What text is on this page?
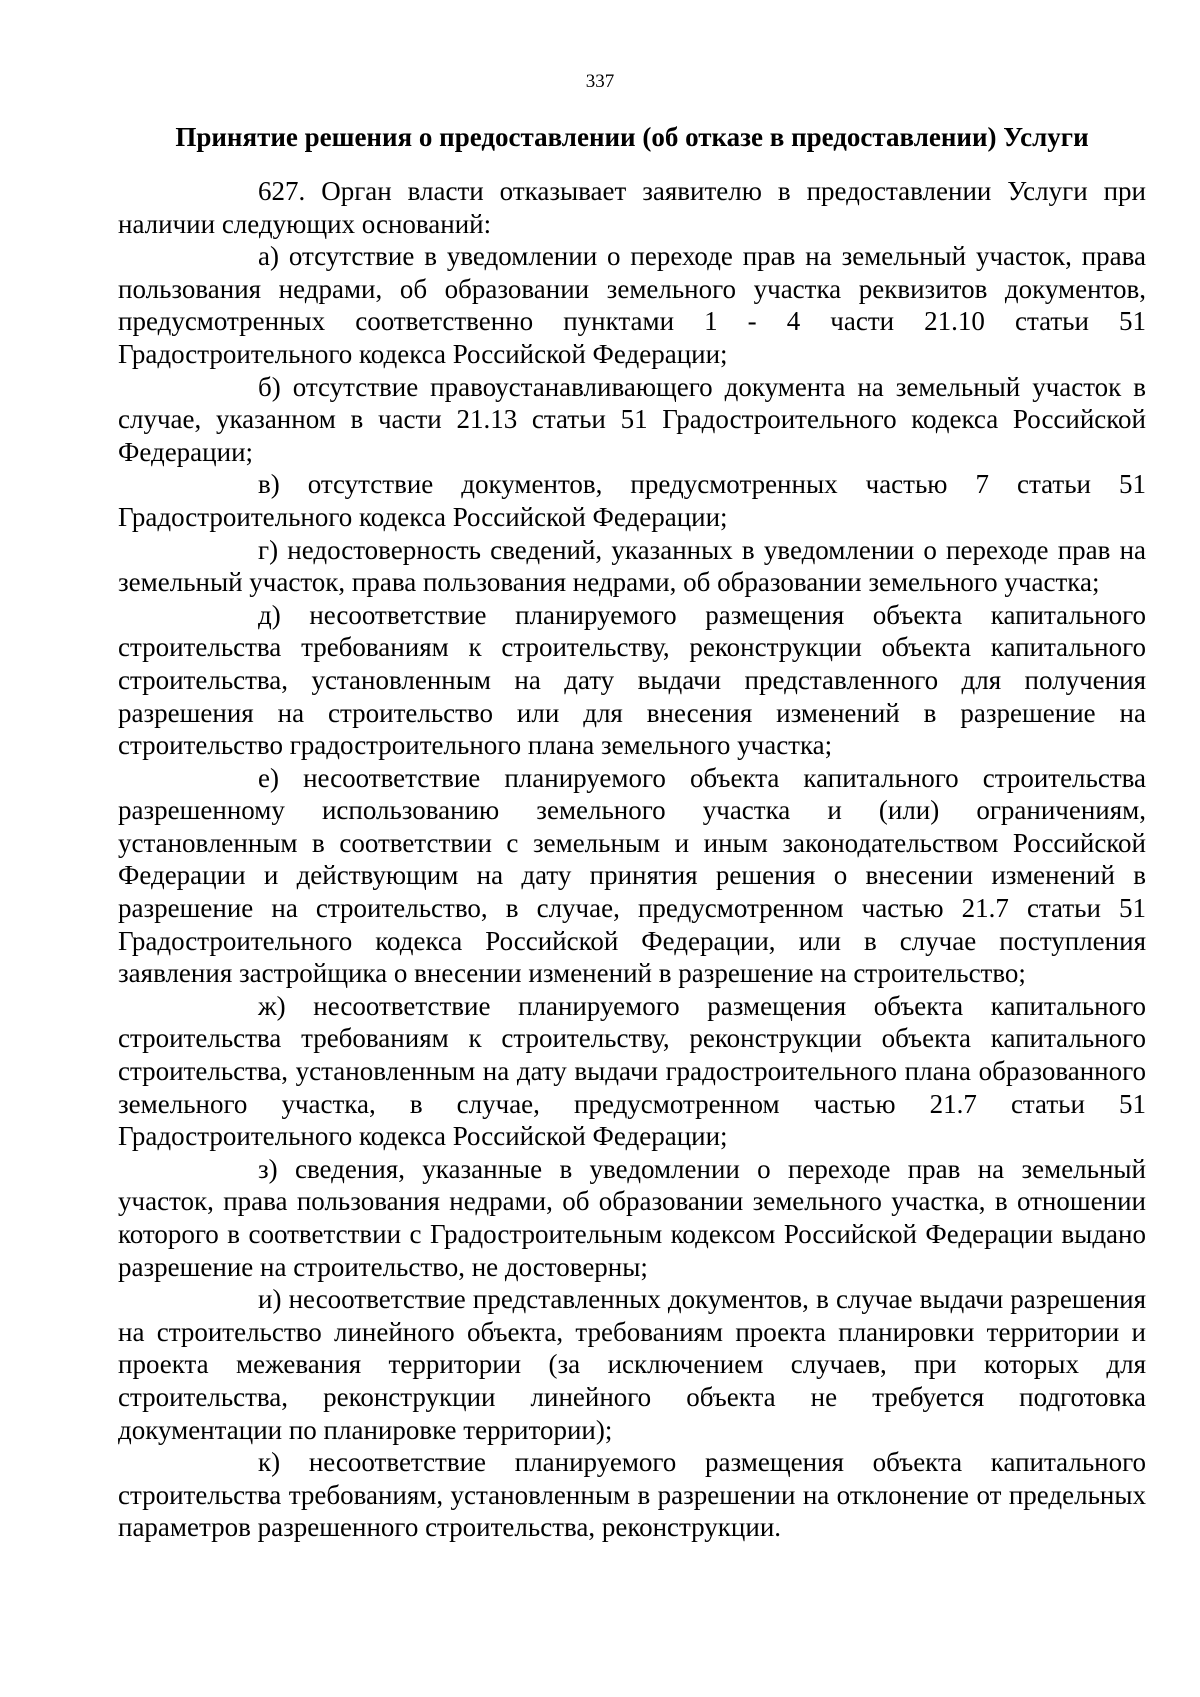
337
Принятие решения о предоставлении (об отказе в предоставлении) Услуги

627. Орган власти отказывает заявителю в предоставлении Услуги при наличии следующих оснований:

а) отсутствие в уведомлении о переходе прав на земельный участок, права пользования недрами, об образовании земельного участка реквизитов документов, предусмотренных соответственно пунктами 1 - 4 части 21.10 статьи 51 Градостроительного кодекса Российской Федерации;

б) отсутствие правоустанавливающего документа на земельный участок в случае, указанном в части 21.13 статьи 51 Градостроительного кодекса Российской Федерации;

в) отсутствие документов, предусмотренных частью 7 статьи 51 Градостроительного кодекса Российской Федерации;

г) недостоверность сведений, указанных в уведомлении о переходе прав на земельный участок, права пользования недрами, об образовании земельного участка;

д) несоответствие планируемого размещения объекта капитального строительства требованиям к строительству, реконструкции объекта капитального строительства, установленным на дату выдачи представленного для получения разрешения на строительство или для внесения изменений в разрешение на строительство градостроительного плана земельного участка;

е) несоответствие планируемого объекта капитального строительства разрешенному использованию земельного участка и (или) ограничениям, установленным в соответствии с земельным и иным законодательством Российской Федерации и действующим на дату принятия решения о внесении изменений в разрешение на строительство, в случае, предусмотренном частью 21.7 статьи 51 Градостроительного кодекса Российской Федерации, или в случае поступления заявления застройщика о внесении изменений в разрешение на строительство;

ж) несоответствие планируемого размещения объекта капитального строительства требованиям к строительству, реконструкции объекта капитального строительства, установленным на дату выдачи градостроительного плана образованного земельного участка, в случае, предусмотренном частью 21.7 статьи 51 Градостроительного кодекса Российской Федерации;

з) сведения, указанные в уведомлении о переходе прав на земельный участок, права пользования недрами, об образовании земельного участка, в отношении которого в соответствии с Градостроительным кодексом Российской Федерации выдано разрешение на строительство, не достоверны;

и) несоответствие представленных документов, в случае выдачи разрешения на строительство линейного объекта, требованиям проекта планировки территории и проекта межевания территории (за исключением случаев, при которых для строительства, реконструкции линейного объекта не требуется подготовка документации по планировке территории);

к) несоответствие планируемого размещения объекта капитального строительства требованиям, установленным в разрешении на отклонение от предельных параметров разрешенного строительства, реконструкции.
